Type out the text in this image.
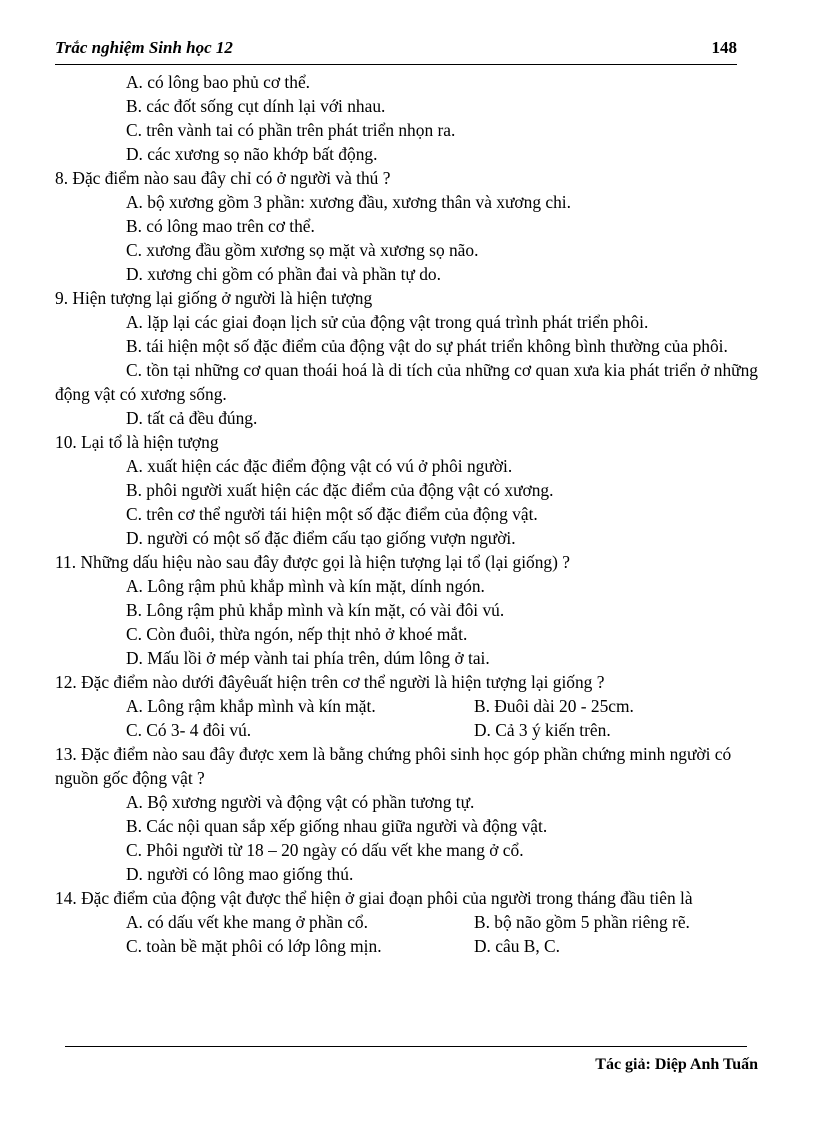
Trắc nghiệm Sinh học 12	148

A. có lông bao phủ cơ thể.

B. các đốt sống cụt dính lại với nhau.

C. trên vành tai có phần trên phát triển nhọn ra.

D. các xương sọ não khớp bất động.

8. Đặc điểm nào sau đây chỉ có ở người và thú ?

A. bộ xương gồm 3 phần: xương đầu, xương thân và xương chi.

B. có lông mao trên cơ thể.

C. xương đầu gồm xương sọ mặt và xương sọ não.

D. xương chi gồm có phần đai và phần tự do.

9. Hiện tượng lại giống ở người là hiện tượng

A. lặp lại các giai đoạn lịch sử của động vật trong quá trình phát triển phôi.

B. tái hiện một số đặc điểm của động vật do sự phát triển không bình thường của phôi.

C. tồn tại những cơ quan thoái hoá là di tích của những cơ quan xưa kia phát triển ở những động vật có xương sống.

D. tất cả đều đúng.

10. Lại tổ là hiện tượng

A. xuất hiện các đặc điểm động vật có vú ở phôi người.

B. phôi người xuất hiện các đặc điểm của động vật có xương.

C. trên cơ thể người tái hiện một số đặc điểm của động vật.

D. người có một số đặc điểm cấu tạo giống vượn người.

11. Những dấu hiệu nào sau đây được gọi là hiện tượng lại tổ (lại giống) ?

A. Lông rậm phủ khắp mình và kín mặt, dính ngón.

B. Lông rậm phủ khắp mình và kín mặt, có vài đôi vú.

C. Còn đuôi, thừa ngón, nếp thịt nhỏ ở khoé mắt.

D. Mấu lồi ở mép vành tai phía trên, dúm lông ở tai.

12. Đặc điểm nào dưới đâyêuất hiện trên cơ thể người là hiện tượng lại giống ?

A. Lông rậm khắp mình và kín mặt.	B. Đuôi dài 20 - 25cm.
C. Có 3- 4 đôi vú.	D. Cả 3 ý kiến trên.

13. Đặc điểm nào sau đây được xem là bằng chứng phôi sinh học góp phần chứng minh người có nguồn gốc động vật ?

A. Bộ xương người và động vật có phần tương tự.

B. Các nội quan sắp xếp giống nhau giữa người và động vật.

C. Phôi người từ 18 – 20 ngày có dấu vết khe mang ở cổ.

D. người có lông mao giống thú.

14. Đặc điểm của động vật được thể hiện ở giai đoạn phôi của người trong tháng đầu tiên là

A. có dấu vết khe mang ở phần cổ.	B. bộ não gồm 5 phần riêng rẽ.
C. toàn bề mặt phôi có lớp lông mịn.	D. câu B, C.
Tác giả: Diệp Anh Tuấn
